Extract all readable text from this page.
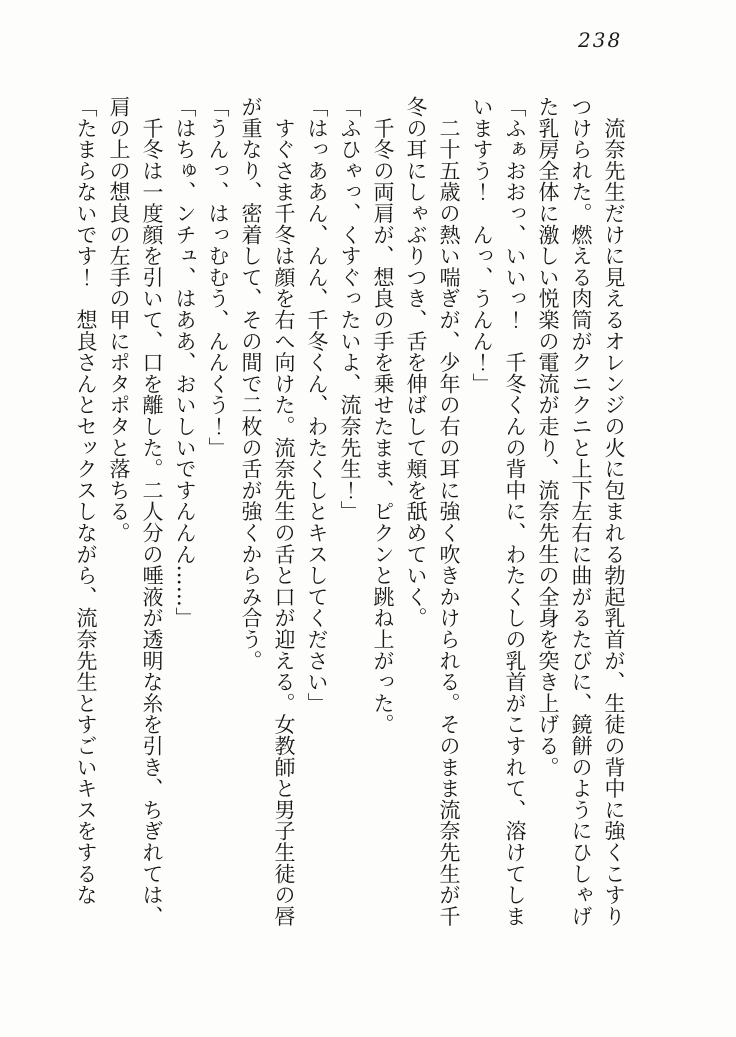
238

　流奈先生だけに見えるオレンジの火に包まれる勃起乳首が、生徒の背中に強くこすりつけられた。燃える肉筒がクニクニと上下左右に曲がるたびに、鏡餅のようにひしゃげた乳房全体に激しい悦楽の電流が走り、流奈先生の全身を突き上げる。

「ふぁおおっ、いいっ！　千冬くんの背中に、わたくしの乳首がこすれて、溶けてしまいますう！　んっ、うんん！」

　二十五歳の熱い喘ぎが、少年の右の耳に強く吹きかけられる。そのまま流奈先生が千冬の耳にしゃぶりつき、舌を伸ばして頬を舐めていく。

　千冬の両肩が、想良の手を乗せたまま、ピクンと跳ね上がった。

「ふひゃっ、くすぐったいよ、流奈先生！」

「はっああん、んん、千冬くん、わたくしとキスしてください」

　すぐさま千冬は顔を右へ向けた。流奈先生の舌と口が迎える。女教師と男子生徒の唇が重なり、密着して、その間で二枚の舌が強くからみ合う。

「うんっ、はっむむう、んんくう！」

「はちゅ、ンチュ、はああ、おいしいですんんん……」

　千冬は一度顔を引いて、口を離した。二人分の唾液が透明な糸を引き、ちぎれては、肩の上の想良の左手の甲にポタポタと落ちる。

「たまらないです！　想良さんとセックスしながら、流奈先生とすごいキスをするな
